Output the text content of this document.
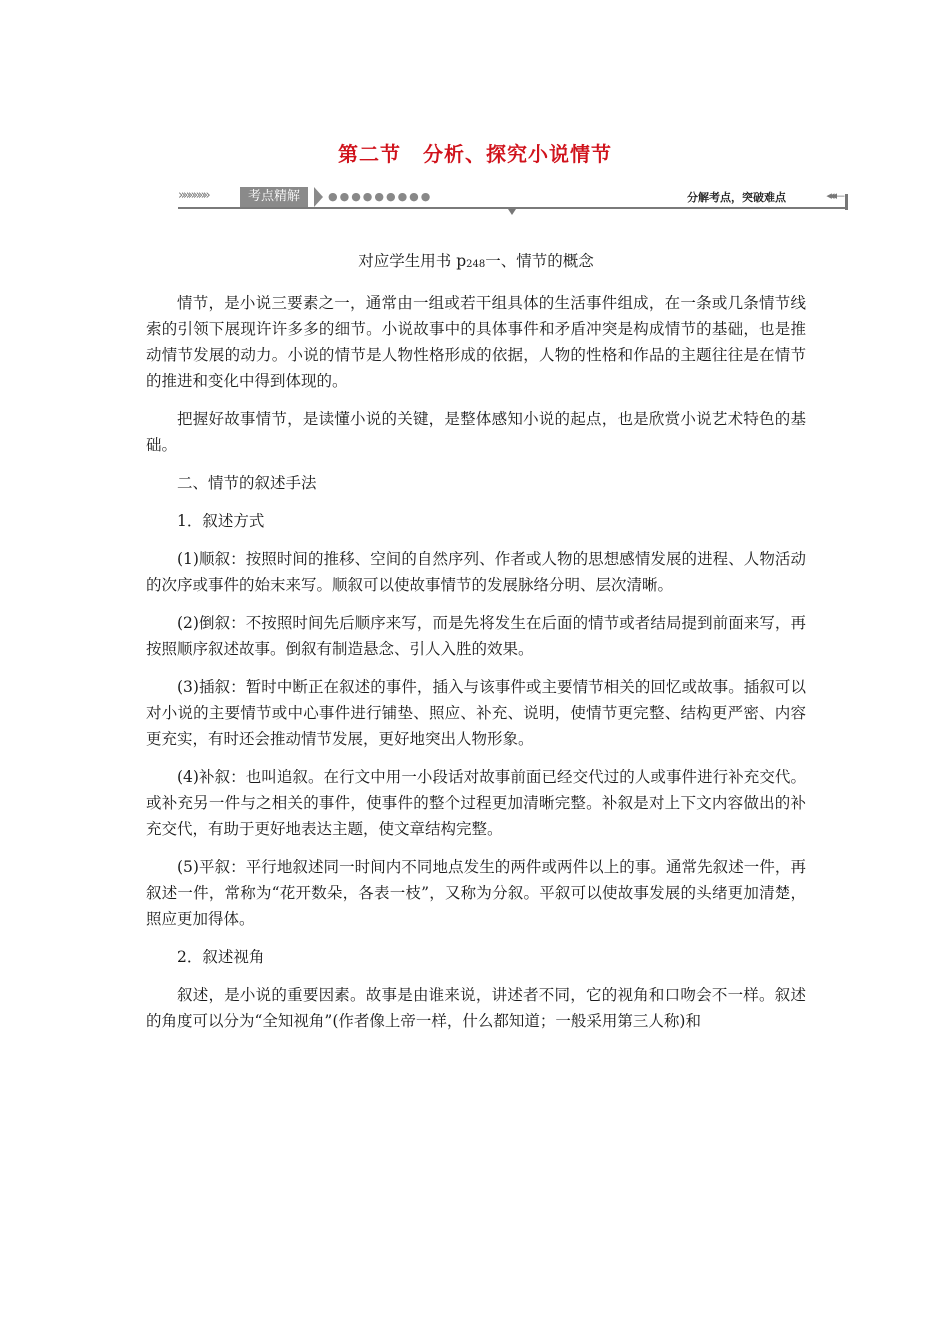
第二节 分析、探究小说情节
»»»»»»	考点精解	●●●●●●●●●	分解考点，突破难点	◂◂◂—

对应学生用书 p248一、情节的概念

情节，是小说三要素之一，通常由一组或若干组具体的生活事件组成，在一条或几条情节线索的引领下展现许许多多的细节。小说故事中的具体事件和矛盾冲突是构成情节的基础，也是推动情节发展的动力。小说的情节是人物性格形成的依据，人物的性格和作品的主题往往是在情节的推进和变化中得到体现的。

把握好故事情节，是读懂小说的关键，是整体感知小说的起点，也是欣赏小说艺术特色的基础。

二、情节的叙述手法

1．叙述方式

(1)顺叙：按照时间的推移、空间的自然序列、作者或人物的思想感情发展的进程、人物活动的次序或事件的始末来写。顺叙可以使故事情节的发展脉络分明、层次清晰。

(2)倒叙：不按照时间先后顺序来写，而是先将发生在后面的情节或者结局提到前面来写，再按照顺序叙述故事。倒叙有制造悬念、引人入胜的效果。

(3)插叙：暂时中断正在叙述的事件，插入与该事件或主要情节相关的回忆或故事。插叙可以对小说的主要情节或中心事件进行铺垫、照应、补充、说明，使情节更完整、结构更严密、内容更充实，有时还会推动情节发展，更好地突出人物形象。

(4)补叙：也叫追叙。在行文中用一小段话对故事前面已经交代过的人或事件进行补充交代。或补充另一件与之相关的事件，使事件的整个过程更加清晰完整。补叙是对上下文内容做出的补充交代，有助于更好地表达主题，使文章结构完整。

(5)平叙：平行地叙述同一时间内不同地点发生的两件或两件以上的事。通常先叙述一件，再叙述一件，常称为“花开数朵，各表一枝”，又称为分叙。平叙可以使故事发展的头绪更加清楚，照应更加得体。

2．叙述视角

叙述，是小说的重要因素。故事是由谁来说，讲述者不同，它的视角和口吻会不一样。叙述的角度可以分为“全知视角”(作者像上帝一样，什么都知道；一般采用第三人称)和
